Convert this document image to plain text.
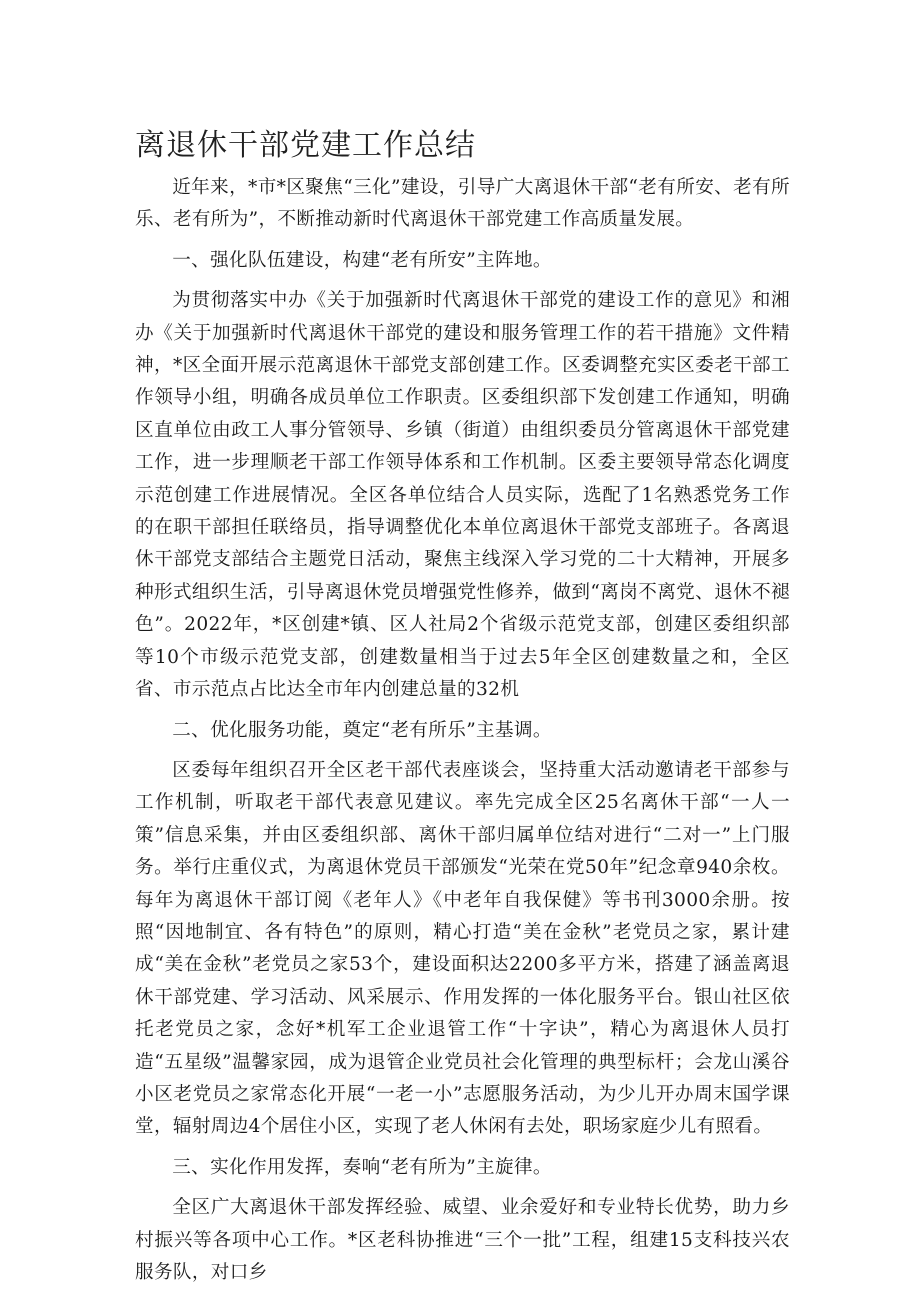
离退休干部党建工作总结

近年来，*市*区聚焦“三化”建设，引导广大离退休干部“老有所安、老有所乐、老有所为”，不断推动新时代离退休干部党建工作高质量发展。

一、强化队伍建设，构建“老有所安”主阵地。

为贯彻落实中办《关于加强新时代离退休干部党的建设工作的意见》和湘办《关于加强新时代离退休干部党的建设和服务管理工作的若干措施》文件精神，*区全面开展示范离退休干部党支部创建工作。区委调整充实区委老干部工作领导小组，明确各成员单位工作职责。区委组织部下发创建工作通知，明确区直单位由政工人事分管领导、乡镇（街道）由组织委员分管离退休干部党建工作，进一步理顺老干部工作领导体系和工作机制。区委主要领导常态化调度示范创建工作进展情况。全区各单位结合人员实际，选配了1名熟悉党务工作的在职干部担任联络员，指导调整优化本单位离退休干部党支部班子。各离退休干部党支部结合主题党日活动，聚焦主线深入学习党的二十大精神，开展多种形式组织生活，引导离退休党员增强党性修养，做到“离岗不离党、退休不褪色”。2022年，*区创建*镇、区人社局2个省级示范党支部，创建区委组织部等10个市级示范党支部，创建数量相当于过去5年全区创建数量之和，全区省、市示范点占比达全市年内创建总量的32机

二、优化服务功能，奠定“老有所乐”主基调。

区委每年组织召开全区老干部代表座谈会，坚持重大活动邀请老干部参与工作机制，听取老干部代表意见建议。率先完成全区25名离休干部“一人一策”信息采集，并由区委组织部、离休干部归属单位结对进行“二对一”上门服务。举行庄重仪式，为离退休党员干部颁发“光荣在党50年”纪念章940余枚。每年为离退休干部订阅《老年人》《中老年自我保健》等书刊3000余册。按照“因地制宜、各有特色”的原则，精心打造“美在金秋”老党员之家，累计建成“美在金秋”老党员之家53个，建设面积达2200多平方米，搭建了涵盖离退休干部党建、学习活动、风采展示、作用发挥的一体化服务平台。银山社区依托老党员之家，念好*机军工企业退管工作“十字诀”，精心为离退休人员打造“五星级”温馨家园，成为退管企业党员社会化管理的典型标杆；会龙山溪谷小区老党员之家常态化开展“一老一小”志愿服务活动，为少儿开办周末国学课堂，辐射周边4个居住小区，实现了老人休闲有去处，职场家庭少儿有照看。

三、实化作用发挥，奏响“老有所为”主旋律。

全区广大离退休干部发挥经验、威望、业余爱好和专业特长优势，助力乡村振兴等各项中心工作。*区老科协推进“三个一批”工程，组建15支科技兴农服务队，对口乡
